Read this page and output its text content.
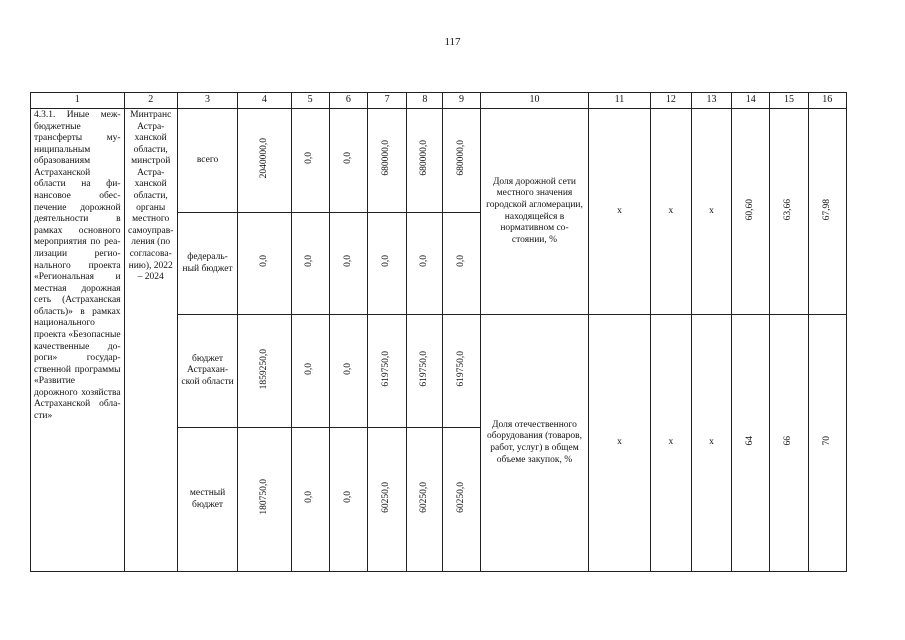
117
1	2	3	4	5	6	7	8	9	10	11	12	13	14	15	16
4.3.1. Иные межбюджетные трансферты муниципальным образованиям Астраханской области на финансовое обеспечение дорожной деятельности в рамках основного мероприятия по реализации регионального проекта «Региональная и местная дорожная сеть (Астраханская область)» в рамках национального проекта «Безопасные качественные дороги» государственной программы «Развитие дорожного хозяйства Астраханской области»	Минтранс Астраханской области, минстрой Астраханской области, органы местного самоуправления (по согласованию), 2022 – 2024	всего	2040000,0	0,0	0,0	680000,0	680000,0	680000,0	Доля дорожной сети местного значения городской агломерации, находящейся в нормативном состоянии, %	х	х	х	60,60	63,66	67,98
		федеральный бюджет	0,0	0,0	0,0	0,0	0,0	0,0							
		бюджет Астраханской области	1859250,0	0,0	0,0	619750,0	619750,0	619750,0	Доля отечественного оборудования (товаров, работ, услуг) в общем объеме закупок, %	х	х	х	64	66	70
		местный бюджет	180750,0	0,0	0,0	60250,0	60250,0	60250,0							
